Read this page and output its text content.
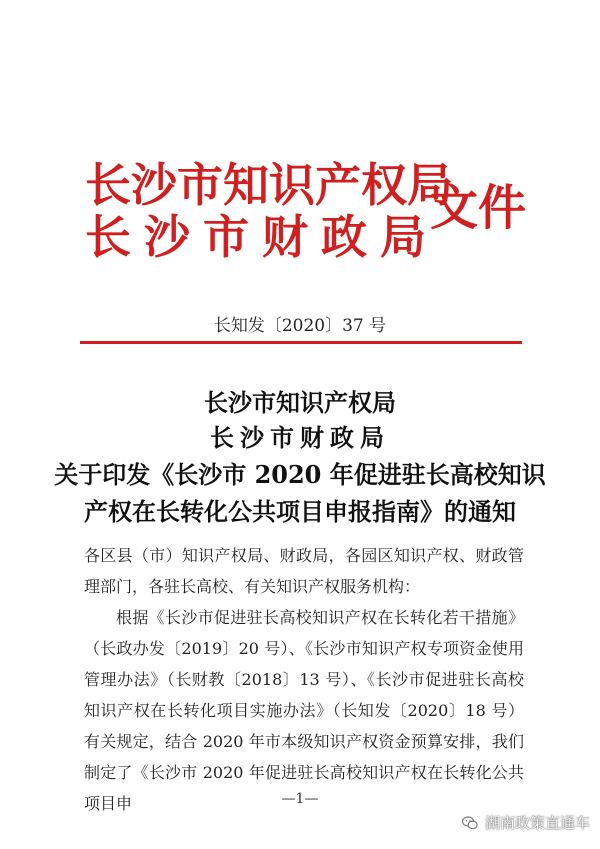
长沙市知识产权局
长沙市财政局
文件
长知发〔2020〕37 号
长沙市知识产权局
长沙市财政局
关于印发《长沙市 2020 年促进驻长高校知识
产权在长转化公共项目申报指南》的通知

各区县（市）知识产权局、财政局，各园区知识产权、财政管理部门，各驻长高校、有关知识产权服务机构：

根据《长沙市促进驻长高校知识产权在长转化若干措施》（长政办发〔2019〕20 号）、《长沙市知识产权专项资金使用管理办法》（长财教〔2018〕13 号）、《长沙市促进驻长高校知识产权在长转化项目实施办法》（长知发〔2020〕18 号）有关规定，结合 2020 年市本级知识产权资金预算安排，我们制定了《长沙市 2020 年促进驻长高校知识产权在长转化公共项目申	—1—
湖南政策直通车
